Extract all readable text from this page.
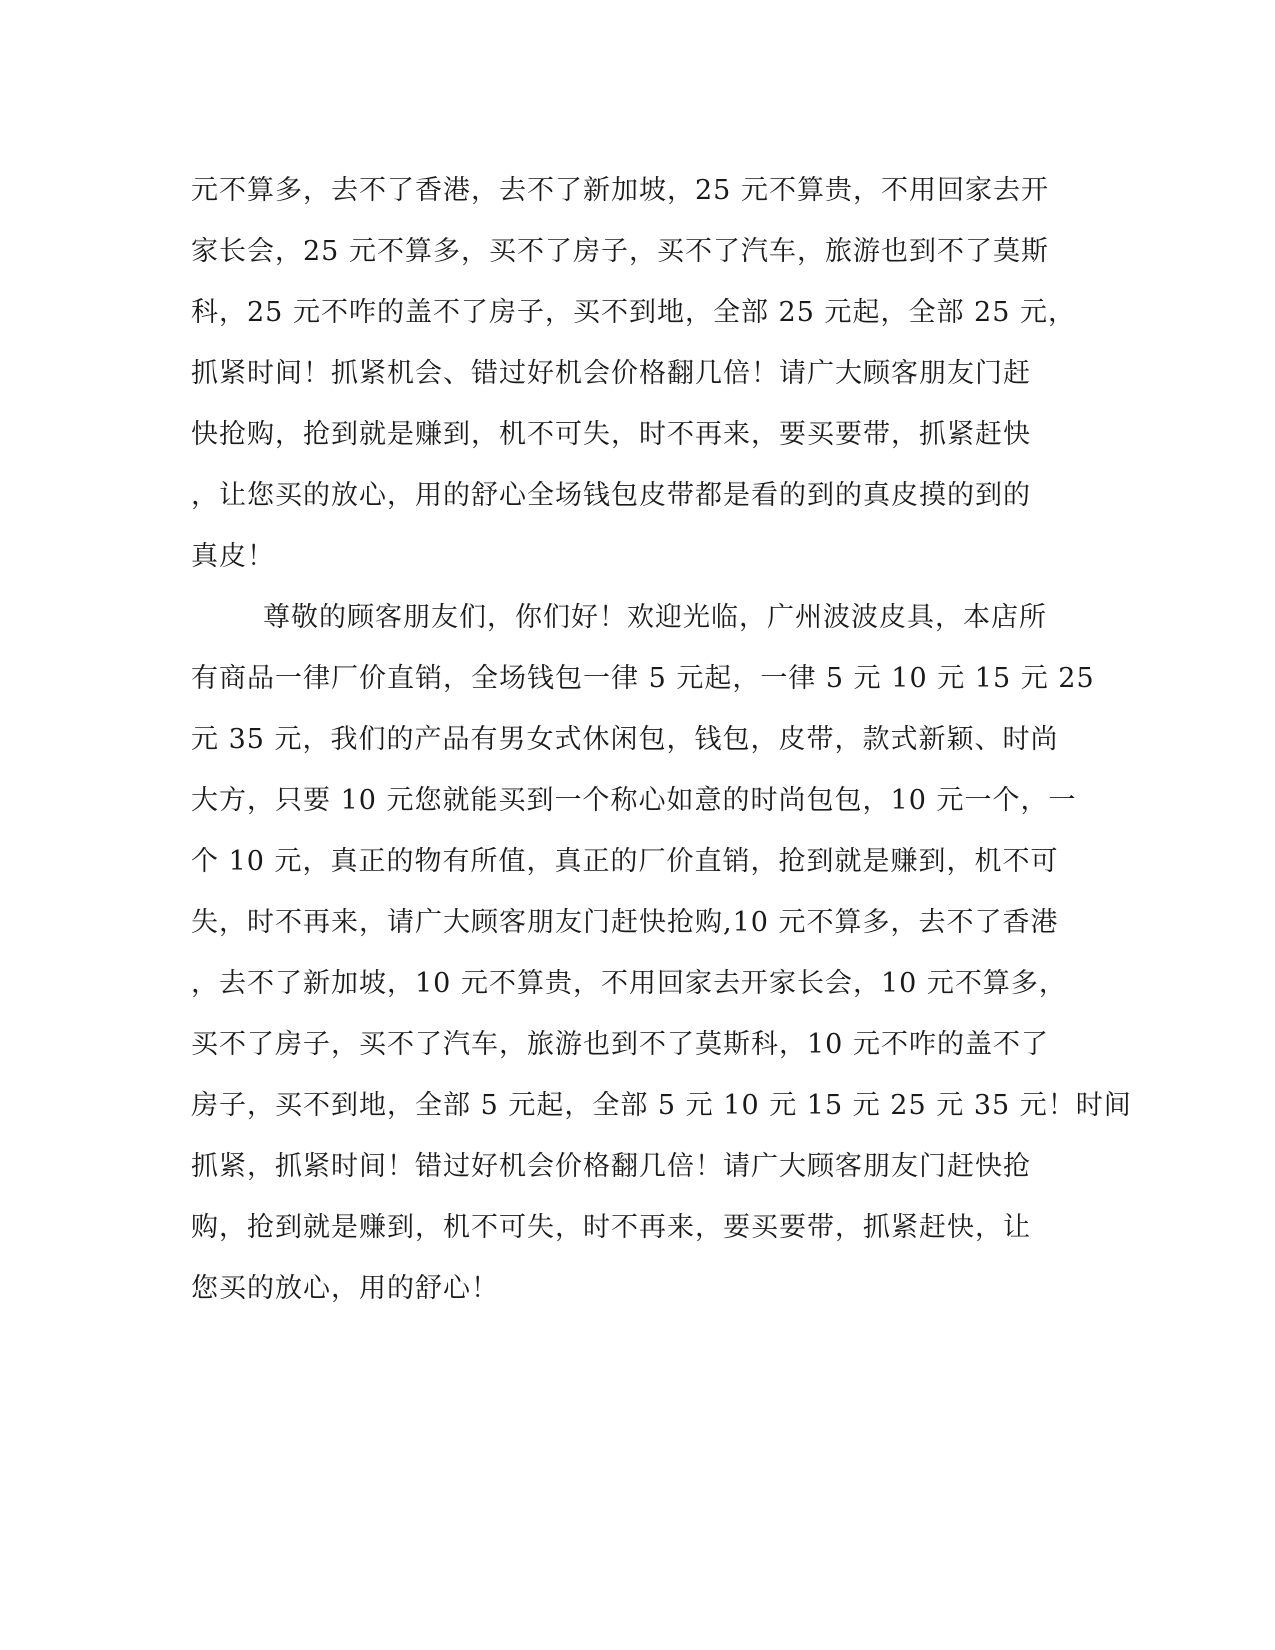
元不算多，去不了香港，去不了新加坡，25 元不算贵，不用回家去开
家长会，25 元不算多，买不了房子，买不了汽车，旅游也到不了莫斯
科，25 元不咋的盖不了房子，买不到地，全部 25 元起，全部 25 元，
抓紧时间！抓紧机会、错过好机会价格翻几倍！请广大顾客朋友门赶
快抢购，抢到就是赚到，机不可失，时不再来，要买要带，抓紧赶快
，让您买的放心，用的舒心全场钱包皮带都是看的到的真皮摸的到的
真皮！
尊敬的顾客朋友们，你们好！欢迎光临，广州波波皮具，本店所
有商品一律厂价直销，全场钱包一律 5 元起，一律 5 元 10 元 15 元 25
元 35 元，我们的产品有男女式休闲包，钱包，皮带，款式新颖、时尚
大方，只要 10 元您就能买到一个称心如意的时尚包包，10 元一个，一
个 10 元，真正的物有所值，真正的厂价直销，抢到就是赚到，机不可
失，时不再来，请广大顾客朋友门赶快抢购,10 元不算多，去不了香港
，去不了新加坡，10 元不算贵，不用回家去开家长会，10 元不算多，
买不了房子，买不了汽车，旅游也到不了莫斯科，10 元不咋的盖不了
房子，买不到地，全部 5 元起，全部 5 元 10 元 15 元 25 元 35 元！时间
抓紧，抓紧时间！错过好机会价格翻几倍！请广大顾客朋友门赶快抢
购，抢到就是赚到，机不可失，时不再来，要买要带，抓紧赶快，让
您买的放心，用的舒心！
